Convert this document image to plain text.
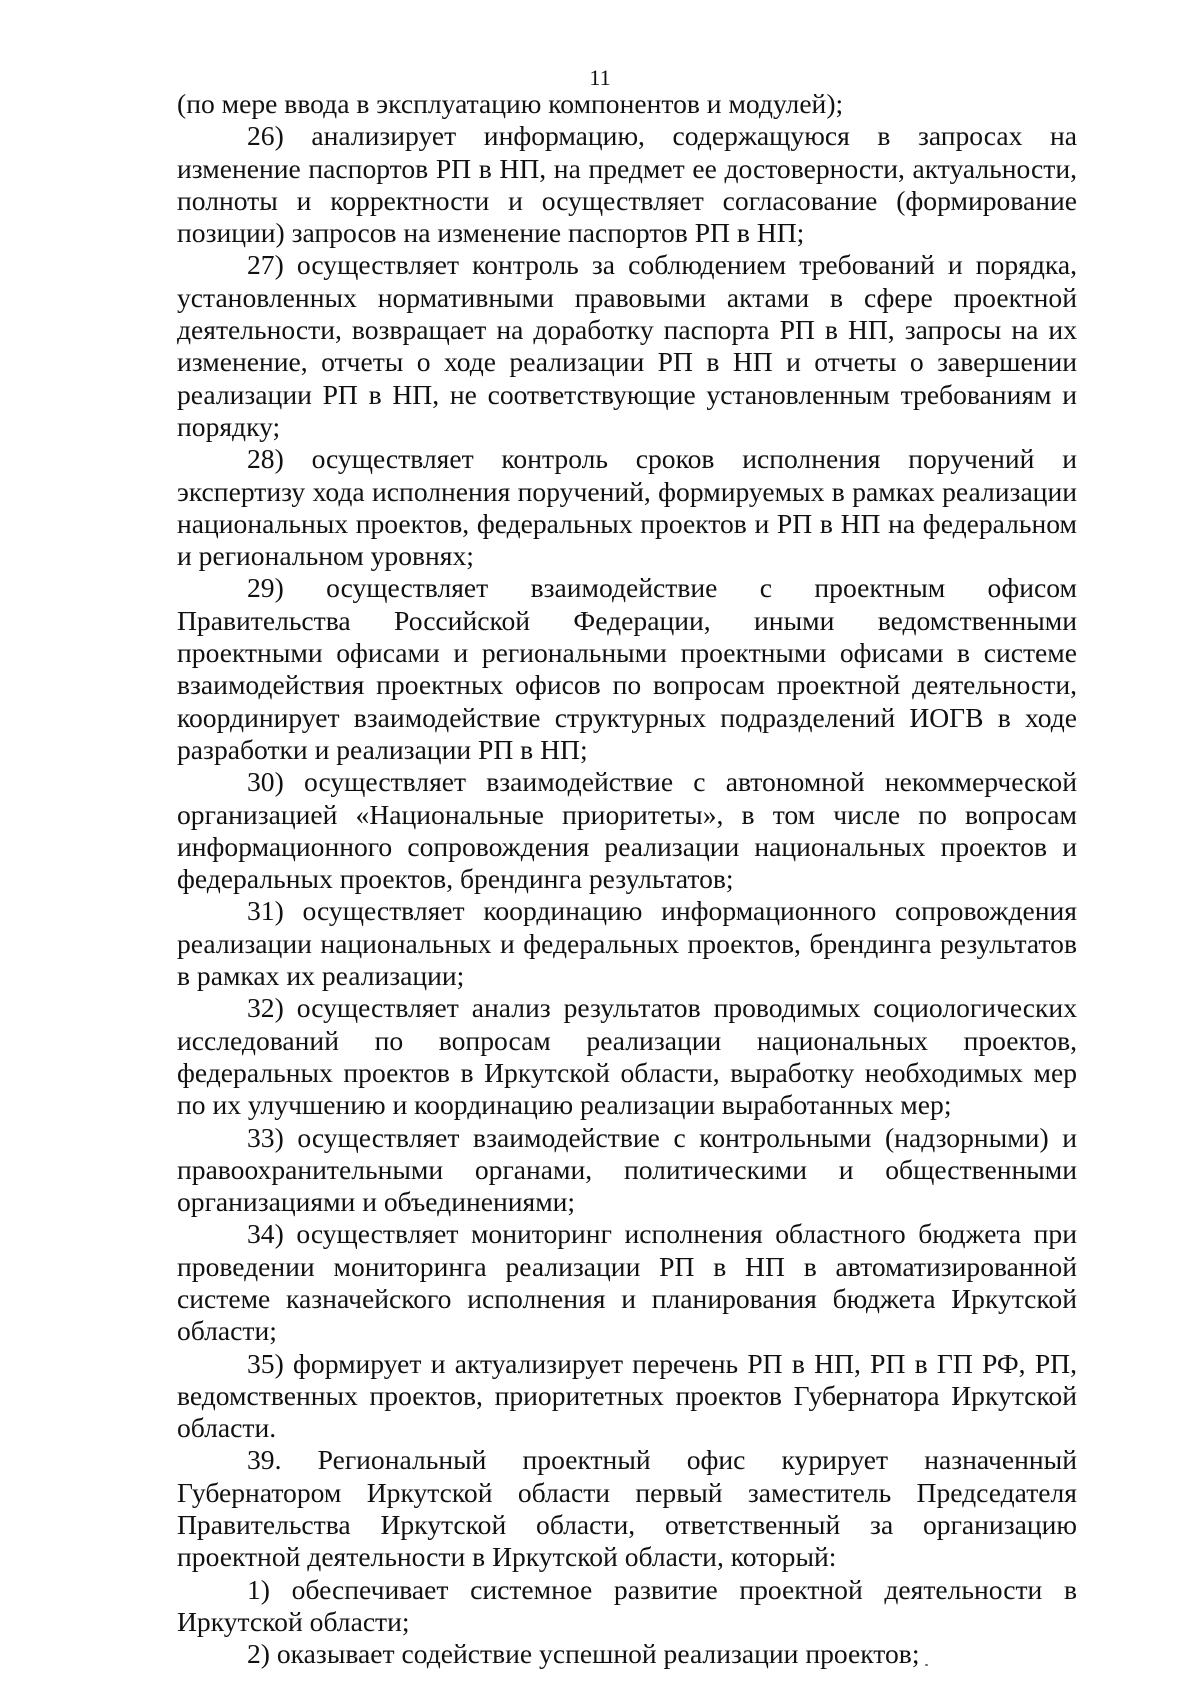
11

(по мере ввода в эксплуатацию компонентов и модулей);

26) анализирует информацию, содержащуюся в запросах на изменение паспортов РП в НП, на предмет ее достоверности, актуальности, полноты и корректности и осуществляет согласование (формирование позиции) запросов на изменение паспортов РП в НП;

27) осуществляет контроль за соблюдением требований и порядка, установленных нормативными правовыми актами в сфере проектной деятельности, возвращает на доработку паспорта РП в НП, запросы на их изменение, отчеты о ходе реализации РП в НП и отчеты о завершении реализации РП в НП, не соответствующие установленным требованиям и порядку;

28) осуществляет контроль сроков исполнения поручений и экспертизу хода исполнения поручений, формируемых в рамках реализации национальных проектов, федеральных проектов и РП в НП на федеральном и региональном уровнях;

29) осуществляет взаимодействие с проектным офисом Правительства Российской Федерации, иными ведомственными проектными офисами и региональными проектными офисами в системе взаимодействия проектных офисов по вопросам проектной деятельности, координирует взаимодействие структурных подразделений ИОГВ в ходе разработки и реализации РП в НП;

30) осуществляет взаимодействие с автономной некоммерческой организацией «Национальные приоритеты», в том числе по вопросам информационного сопровождения реализации национальных проектов и федеральных проектов, брендинга результатов;

31) осуществляет координацию информационного сопровождения реализации национальных и федеральных проектов, брендинга результатов в рамках их реализации;

32) осуществляет анализ результатов проводимых социологических исследований по вопросам реализации национальных проектов, федеральных проектов в Иркутской области, выработку необходимых мер по их улучшению и координацию реализации выработанных мер;

33) осуществляет взаимодействие с контрольными (надзорными) и правоохранительными органами, политическими и общественными организациями и объединениями;

34) осуществляет мониторинг исполнения областного бюджета при проведении мониторинга реализации РП в НП в автоматизированной системе казначейского исполнения и планирования бюджета Иркутской области;

35) формирует и актуализирует перечень РП в НП, РП в ГП РФ, РП, ведомственных проектов, приоритетных проектов Губернатора Иркутской области.

39. Региональный проектный офис курирует назначенный Губернатором Иркутской области первый заместитель Председателя Правительства Иркутской области, ответственный за организацию проектной деятельности в Иркутской области, который:

1) обеспечивает системное развитие проектной деятельности в Иркутской области;

2) оказывает содействие успешной реализации проектов;
